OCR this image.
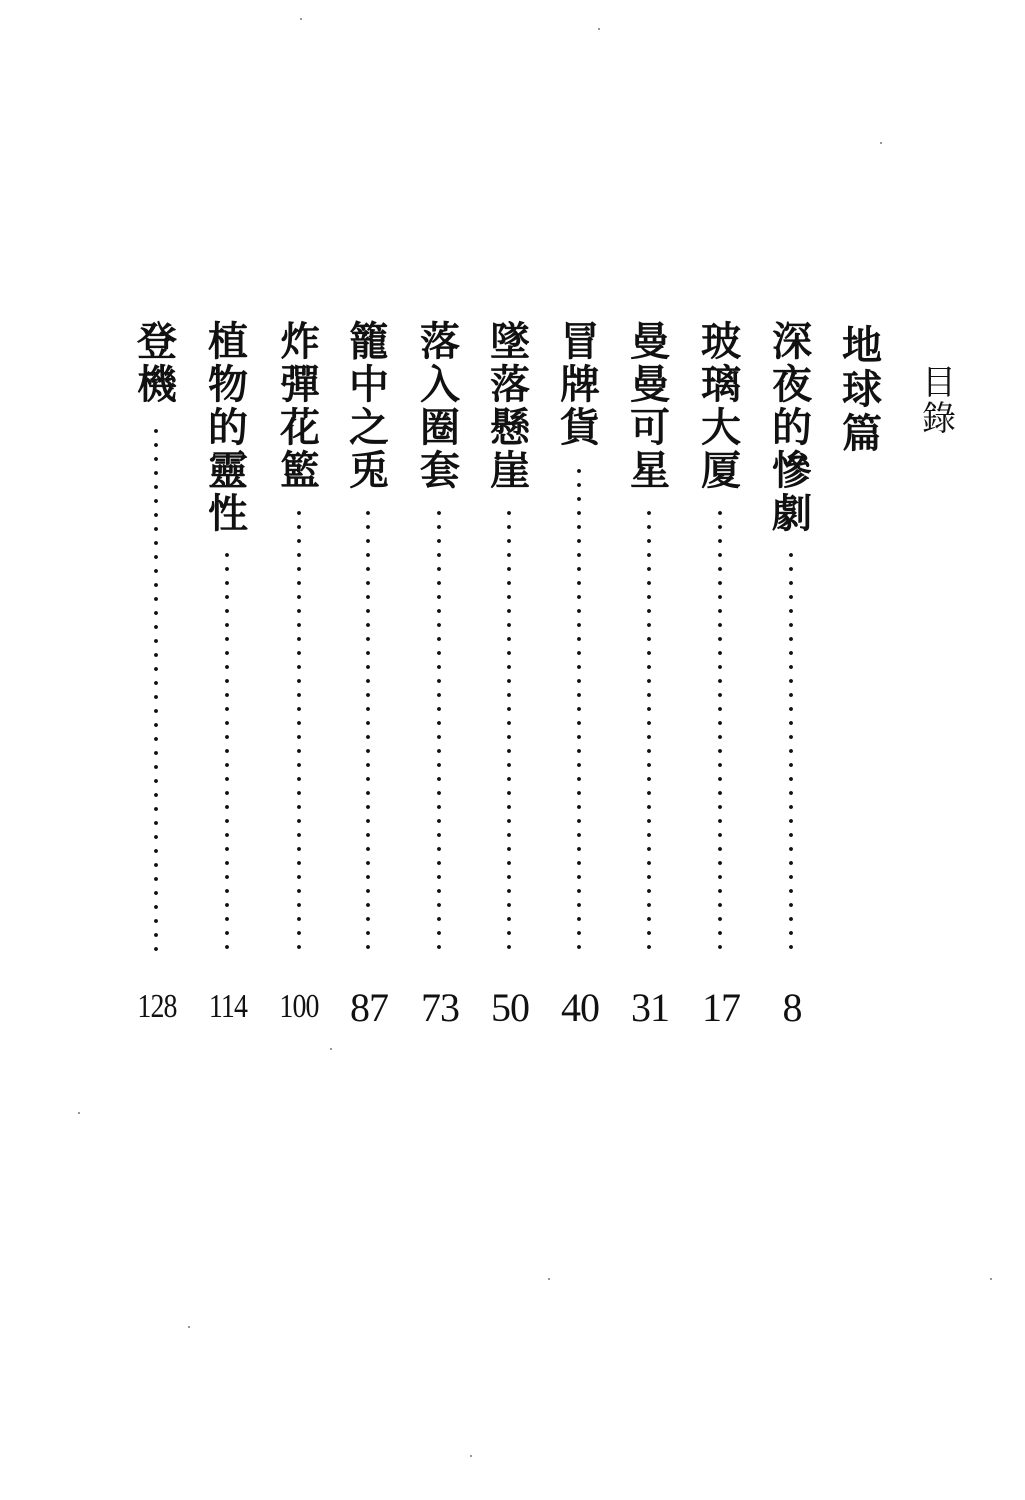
目
錄
地
球
篇
深
夜
的
慘
劇
8
玻
璃
大
厦
17
曼
曼
可
星
31
冒
牌
貨
40
墜
落
懸
崖
50
落
入
圈
套
73
籠
中
之
兎
87
炸
彈
花
籃
100
植
物
的
靈
性
114
登
機
128
